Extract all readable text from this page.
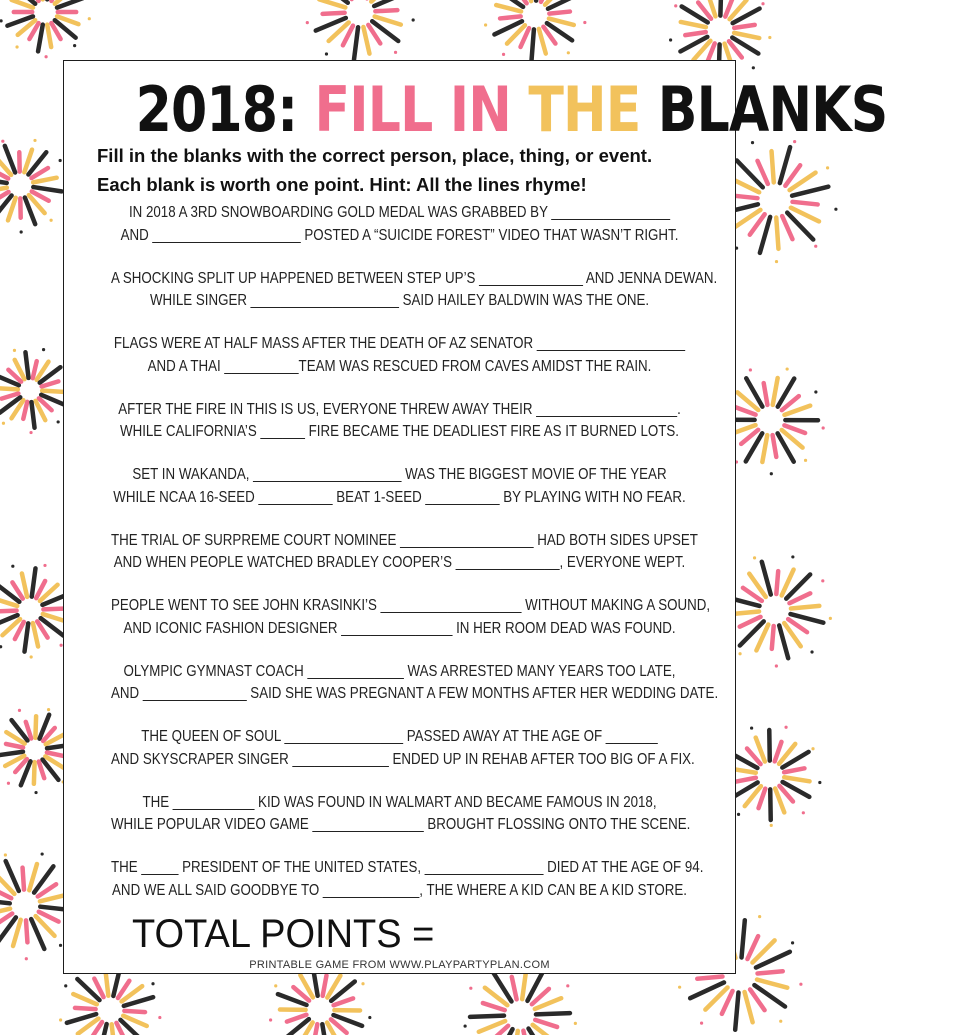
2018: FILL IN THE BLANKS
Fill in the blanks with the correct person, place, thing, or event.
Each blank is worth one point. Hint: All the lines rhyme!
IN 2018 A 3RD SNOWBOARDING GOLD MEDAL WAS GRABBED BY ________________
AND ____________________ POSTED A “SUICIDE FOREST” VIDEO THAT WASN’T RIGHT.
A SHOCKING SPLIT UP HAPPENED BETWEEN STEP UP’S ______________ AND JENNA DEWAN.
WHILE SINGER ____________________ SAID HAILEY BALDWIN WAS THE ONE.
FLAGS WERE AT HALF MASS AFTER THE DEATH OF AZ SENATOR ____________________
AND A THAI __________TEAM WAS RESCUED FROM CAVES AMIDST THE RAIN.
AFTER THE FIRE IN THIS IS US, EVERYONE THREW AWAY THEIR ___________________.
WHILE CALIFORNIA’S ______ FIRE BECAME THE DEADLIEST FIRE AS IT BURNED LOTS.
SET IN WAKANDA, ____________________ WAS THE BIGGEST MOVIE OF THE YEAR
WHILE NCAA 16-SEED __________ BEAT 1-SEED __________ BY PLAYING WITH NO FEAR.
THE TRIAL OF SURPREME COURT NOMINEE __________________ HAD BOTH SIDES UPSET
AND WHEN PEOPLE WATCHED BRADLEY COOPER’S ______________, EVERYONE WEPT.
PEOPLE WENT TO SEE JOHN KRASINKI’S ___________________ WITHOUT MAKING A SOUND,
AND ICONIC FASHION DESIGNER _______________ IN HER ROOM DEAD WAS FOUND.
OLYMPIC GYMNAST COACH _____________ WAS ARRESTED MANY YEARS TOO LATE,
AND ______________ SAID SHE WAS PREGNANT A FEW MONTHS AFTER HER WEDDING DATE.
THE QUEEN OF SOUL ________________ PASSED AWAY AT THE AGE OF _______
AND SKYSCRAPER SINGER _____________ ENDED UP IN REHAB AFTER TOO BIG OF A FIX.
THE ___________ KID WAS FOUND IN WALMART AND BECAME FAMOUS IN 2018,
WHILE POPULAR VIDEO GAME _______________ BROUGHT FLOSSING ONTO THE SCENE.
THE _____ PRESIDENT OF THE UNITED STATES, ________________ DIED AT THE AGE OF 94.
AND WE ALL SAID GOODBYE TO _____________, THE WHERE A KID CAN BE A KID STORE.
TOTAL POINTS =
PRINTABLE GAME FROM WWW.PLAYPARTYPLAN.COM
